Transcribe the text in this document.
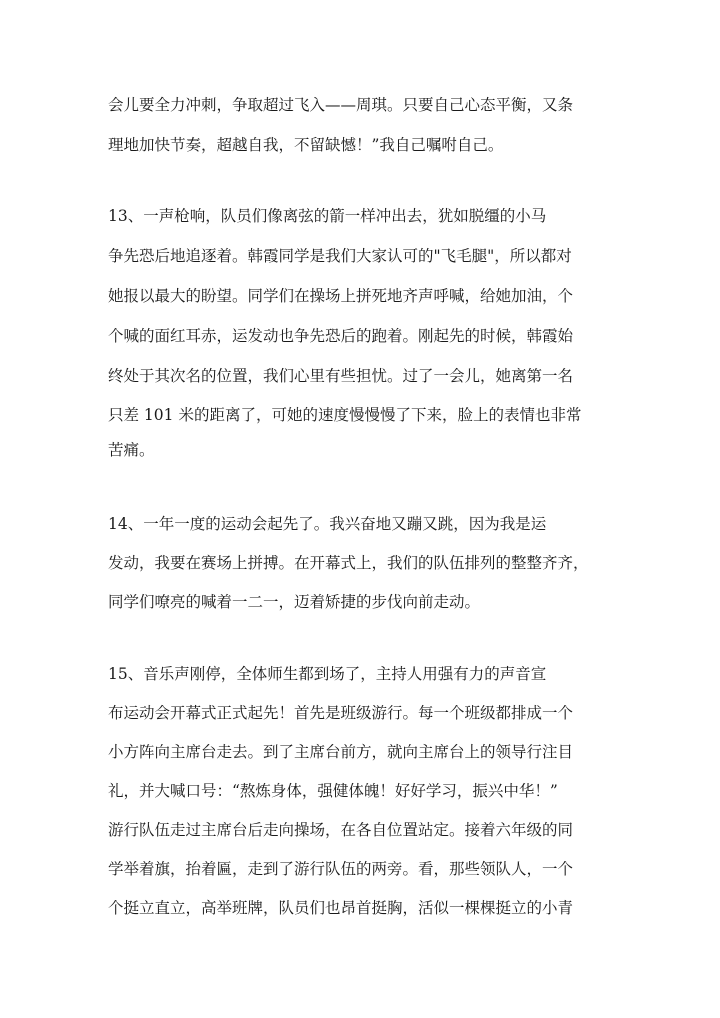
会儿要全力冲刺，争取超过飞入——周琪。只要自己心态平衡，又条
理地加快节奏，超越自我，不留缺憾！”我自己嘱咐自己。
13、一声枪响，队员们像离弦的箭一样冲出去，犹如脱缰的小马
争先恐后地追逐着。韩霞同学是我们大家认可的"飞毛腿"，所以都对
她报以最大的盼望。同学们在操场上拼死地齐声呼喊，给她加油，个
个喊的面红耳赤，运发动也争先恐后的跑着。刚起先的时候，韩霞始
终处于其次名的位置，我们心里有些担忧。过了一会儿，她离第一名
只差 101 米的距离了，可她的速度慢慢慢了下来，脸上的表情也非常
苦痛。
14、一年一度的运动会起先了。我兴奋地又蹦又跳，因为我是运
发动，我要在赛场上拼搏。在开幕式上，我们的队伍排列的整整齐齐，
同学们嘹亮的喊着一二一，迈着矫捷的步伐向前走动。
15、音乐声刚停，全体师生都到场了，主持人用强有力的声音宣
布运动会开幕式正式起先！首先是班级游行。每一个班级都排成一个
小方阵向主席台走去。到了主席台前方，就向主席台上的领导行注目
礼，并大喊口号：“熬炼身体，强健体魄！好好学习，振兴中华！”
游行队伍走过主席台后走向操场，在各自位置站定。接着六年级的同
学举着旗，抬着匾，走到了游行队伍的两旁。看，那些领队人，一个
个挺立直立，高举班牌，队员们也昂首挺胸，活似一棵棵挺立的小青
